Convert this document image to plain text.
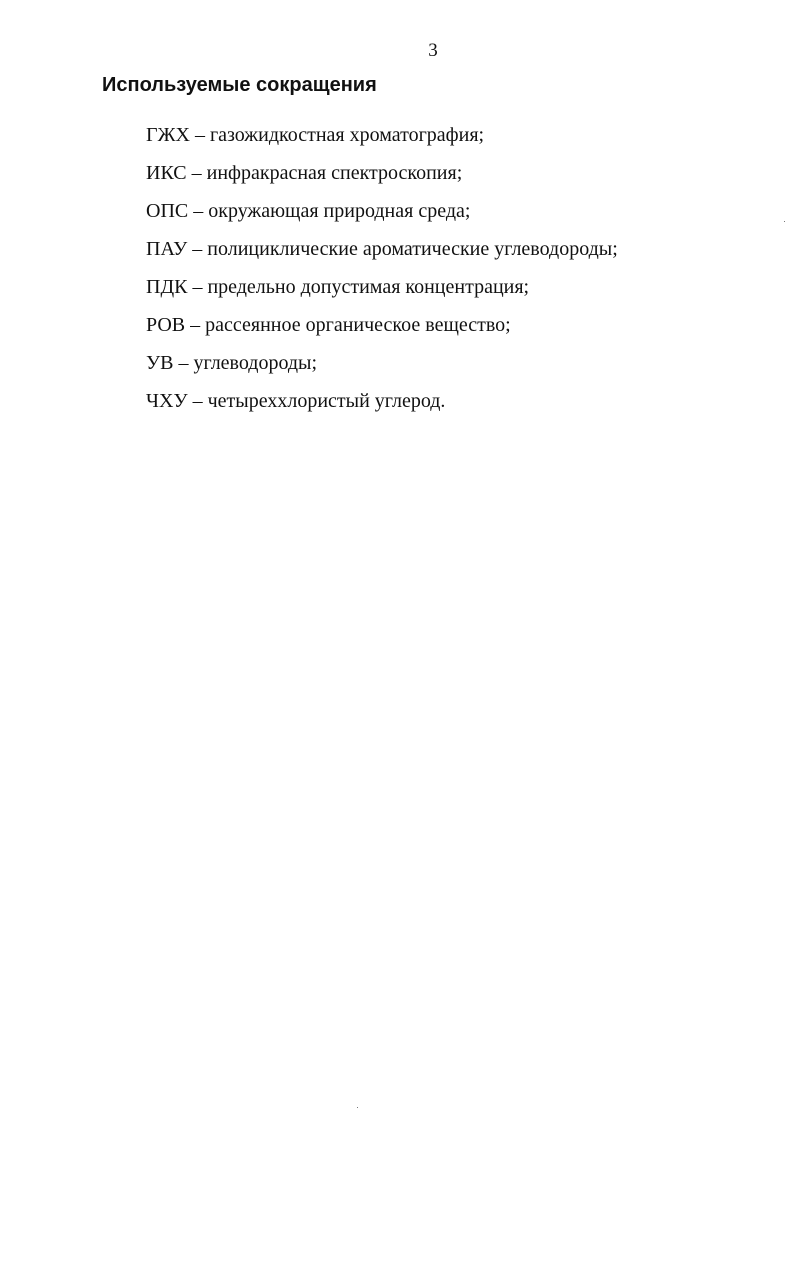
3
Используемые сокращения
ГЖХ – газожидкостная хроматография;
ИКС – инфракрасная спектроскопия;
ОПС – окружающая природная среда;
ПАУ – полициклические ароматические углеводороды;
ПДК – предельно допустимая концентрация;
РОВ – рассеянное органическое вещество;
УВ – углеводороды;
ЧХУ – четыреххлористый углерод.
